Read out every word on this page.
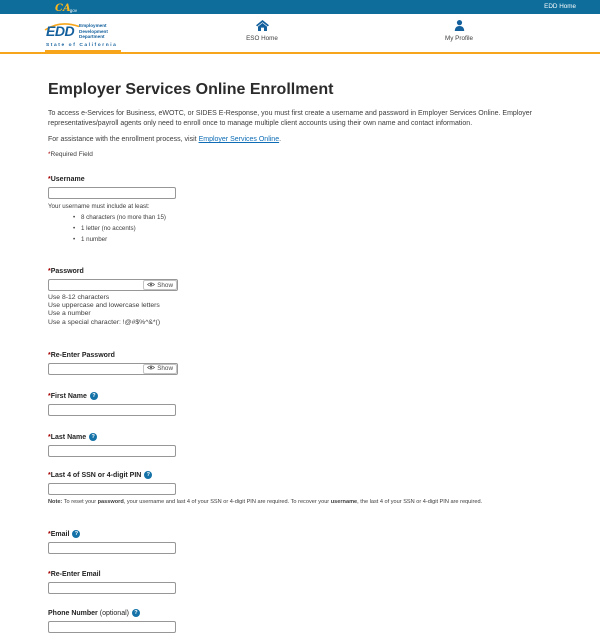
CAgov
EDD Home
EDD Employment
Development
Department
State of California
ESO Home	My Profile
Employer Services Online Enrollment

To access e-Services for Business, eWOTC, or SIDES E-Response, you must first create a username and password in Employer Services Online. Employer representatives/payroll agents only need to enroll once to manage multiple client accounts using their own name and contact information.

For assistance with the enrollment process, visit Employer Services Online.

*Required Field

* Username
Your username must include at least:
• 8 characters (no more than 15)
• 1 letter (no accents)
• 1 number
* Password
Show
Use 8-12 characters
Use uppercase and lowercase letters
Use a number
Use a special character: !@#$%^&*()
* Re-Enter Password
Show
* First Name ?
* Last Name ?
* Last 4 of SSN or 4-digit PIN ?
Note: To reset your password, your username and last 4 of your SSN or 4-digit PIN are required. To recover your username, the last 4 of your SSN or 4-digit PIN are required.
* Email ?
* Re-Enter Email
Phone Number (optional) ?
